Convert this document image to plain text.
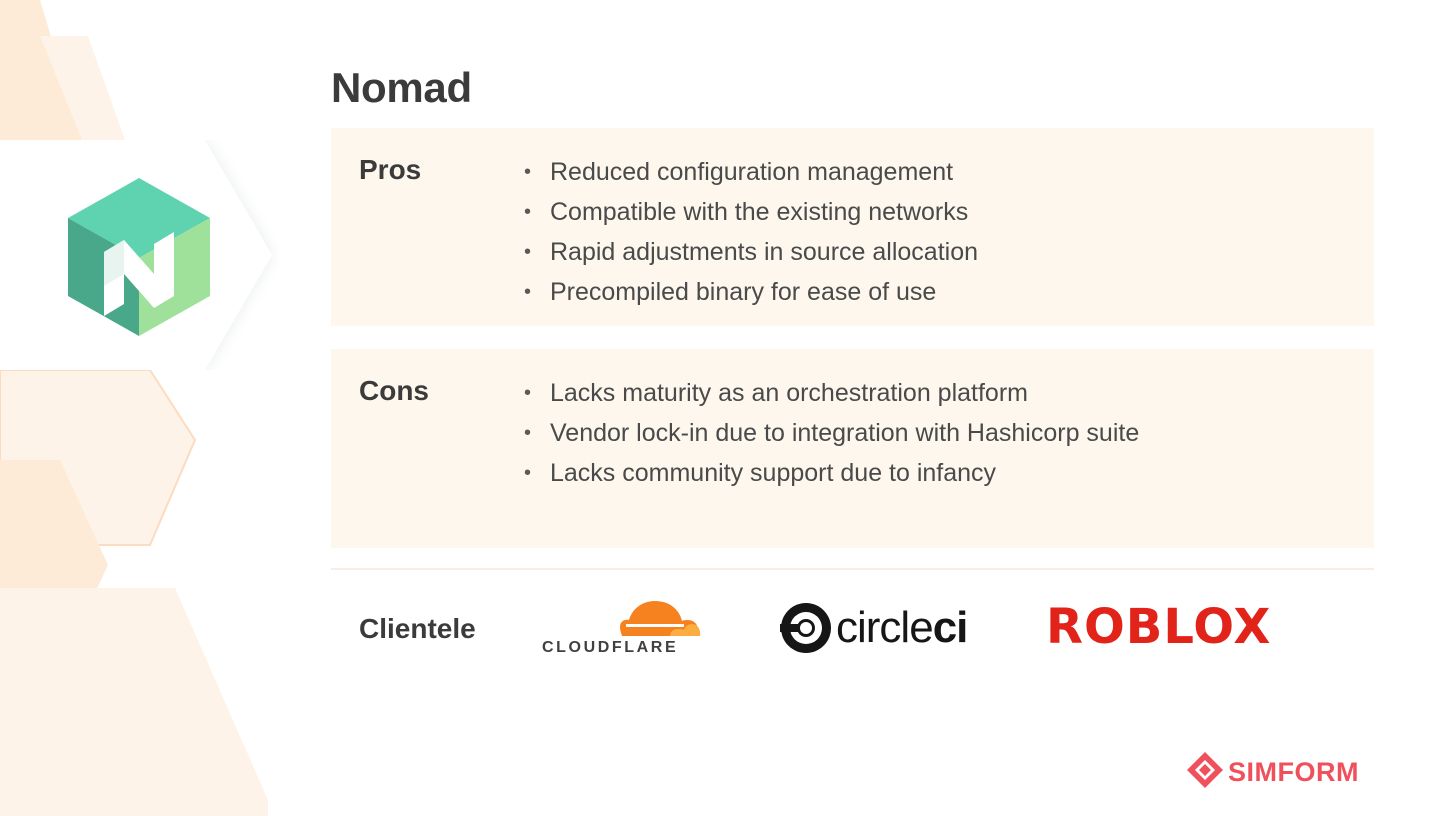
Nomad
Pros	• Reduced configuration management
• Compatible with the existing networks
• Rapid adjustments in source allocation
• Precompiled binary for ease of use
Cons	• Lacks maturity as an orchestration platform
• Vendor lock-in due to integration with Hashicorp suite
• Lacks community support due to infancy
Clientele
CLOUDFLARE	circleci ROBLOX
SIMFORM
